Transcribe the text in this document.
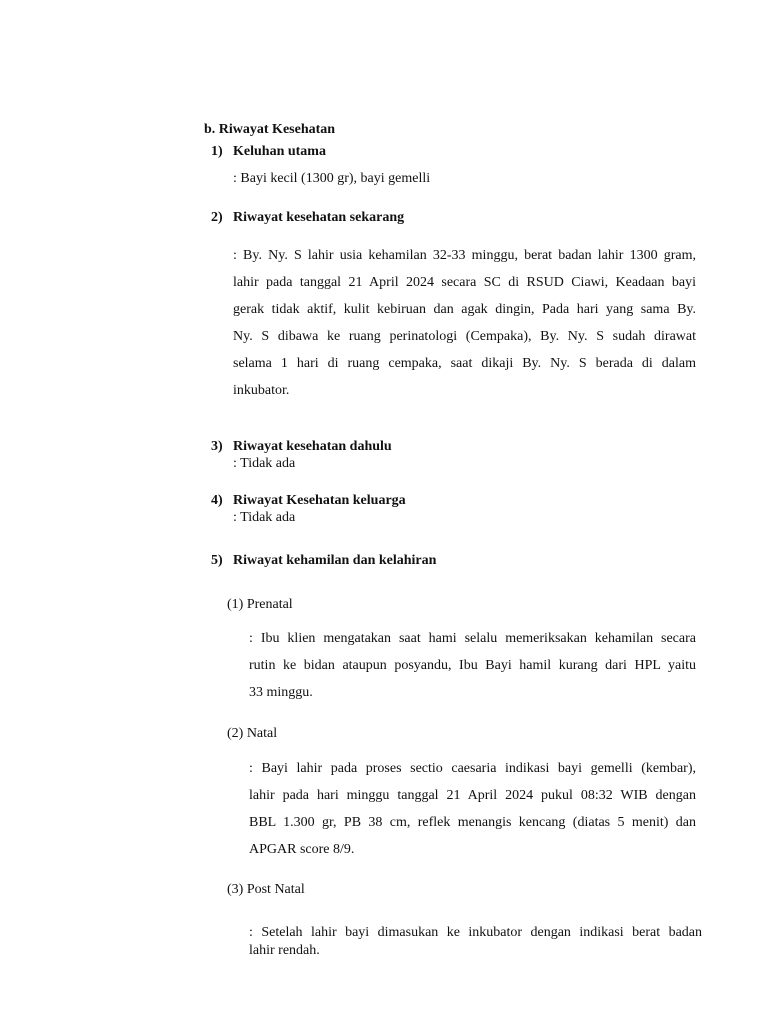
b. Riwayat Kesehatan
1) Keluhan utama
: Bayi kecil (1300 gr), bayi gemelli
2) Riwayat kesehatan sekarang
: By. Ny. S lahir usia kehamilan 32-33 minggu, berat badan lahir 1300 gram,
lahir pada tanggal 21 April 2024 secara SC di RSUD Ciawi, Keadaan bayi
gerak tidak aktif, kulit kebiruan dan agak dingin, Pada hari yang sama By.
Ny. S dibawa ke ruang perinatologi (Cempaka), By. Ny. S sudah dirawat
selama 1 hari di ruang cempaka, saat dikaji By. Ny. S berada di dalam
inkubator.
3) Riwayat kesehatan dahulu
: Tidak ada
4) Riwayat Kesehatan keluarga
: Tidak ada
5) Riwayat kehamilan dan kelahiran
(1) Prenatal
: Ibu klien mengatakan saat hami selalu memeriksakan kehamilan secara
rutin ke bidan ataupun posyandu, Ibu Bayi hamil kurang dari HPL yaitu
33 minggu.
(2) Natal
: Bayi lahir pada proses sectio caesaria indikasi bayi gemelli (kembar),
lahir pada hari minggu tanggal 21 April 2024 pukul 08:32 WIB dengan
BBL 1.300 gr, PB 38 cm, reflek menangis kencang (diatas 5 menit) dan
APGAR score 8/9.
(3) Post Natal
: Setelah lahir bayi dimasukan ke inkubator dengan indikasi berat badan
lahir rendah.
